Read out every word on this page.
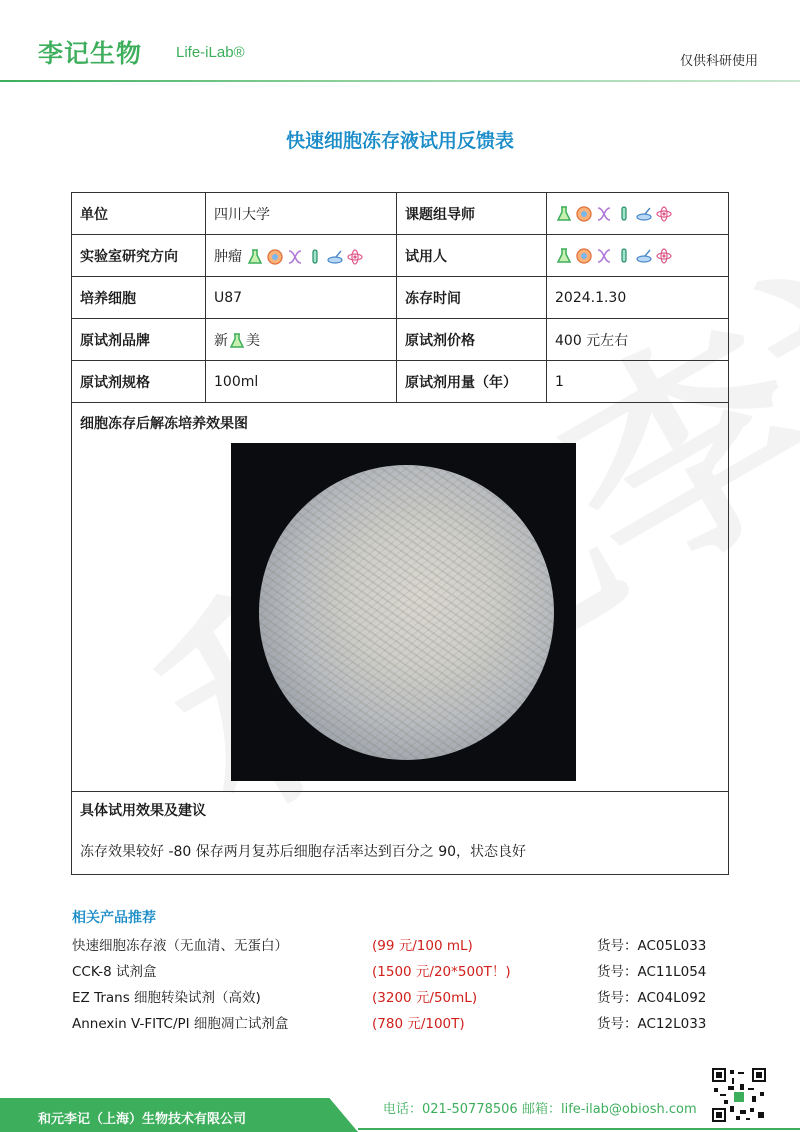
李记生物 Life-iLab®
仅供科研使用
快速细胞冻存液试用反馈表
单位	四川大学	课题组导师	

实验室研究方向	肿瘤	试用人	

培养细胞	U87	冻存时间	2024.1.30
原试剂品牌	新 美	原试剂价格	400 元左右
原试剂规格	100ml	原试剂用量（年）	1

细胞冻存后解冻培养效果图			

具体试用效果及建议			
冻存效果较好 -80 保存两月复苏后细胞存活率达到百分之 90，状态良好			
相关产品推荐
快速细胞冻存液（无血清、无蛋白）	(99 元/100 mL)	货号：AC05L033
CCK-8 试剂盒	(1500 元/20*500T！)	货号：AC11L054
EZ Trans 细胞转染试剂（高效)	(3200 元/50mL)	货号：AC04L092
Annexin V-FITC/PI 细胞凋亡试剂盒	(780 元/100T)	货号：AC12L033
和元李记（上海）生物技术有限公司
电话：021-50778506 邮箱：life-ilab@obiosh.com
